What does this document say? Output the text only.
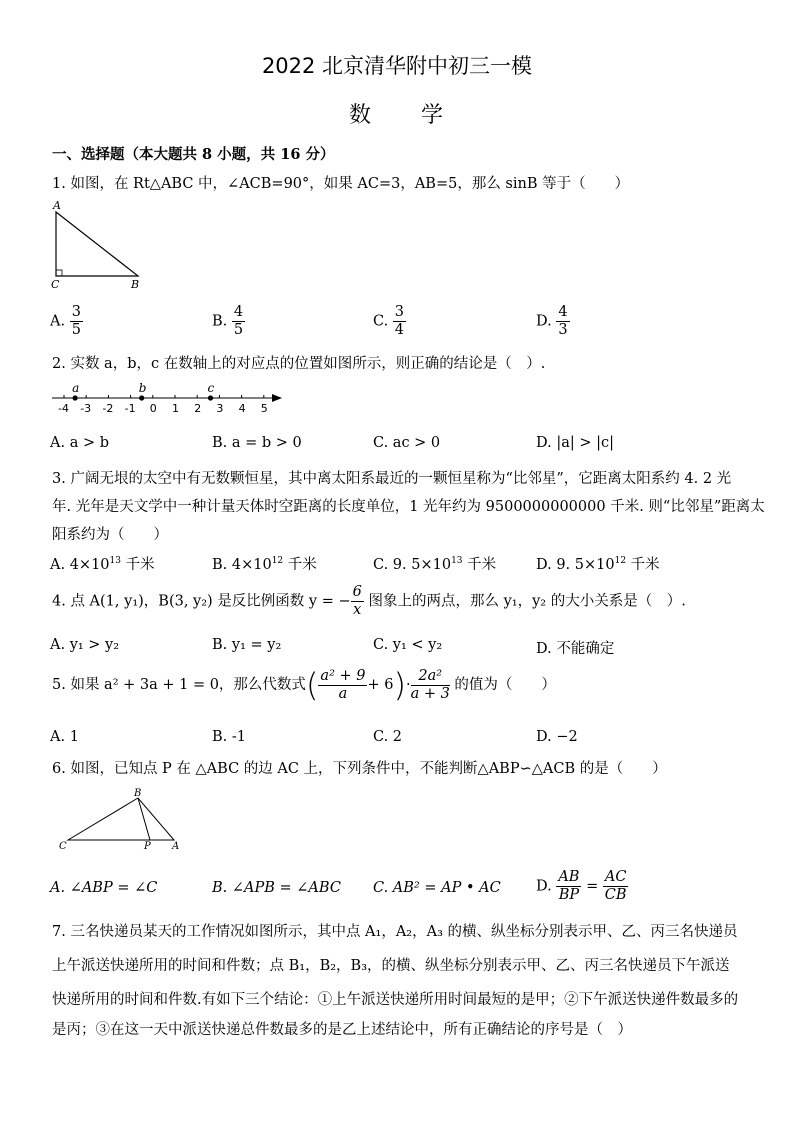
2022 北京清华附中初三一模
数　　学
一、选择题（本大题共 8 小题，共 16 分）
1. 如图，在 Rt△ABC 中，∠ACB=90°，如果 AC=3，AB=5，那么 sinB 等于（　　）
A
C	B
A. $\frac{3}{5}$	B. $\frac{4}{5}$	C. $\frac{3}{4}$	D. $\frac{4}{3}$
2. 实数 a，b，c 在数轴上的对应点的位置如图所示，则正确的结论是（　）.
-4 -3 -2 -1 0 1 2 3 4 5
a	b	c
A. a > b	B. a = b > 0	C. ac > 0	D. |a| > |c|
3. 广阔无垠的太空中有无数颗恒星，其中离太阳系最近的一颗恒星称为“比邻星”，它距离太阳系约 4. 2 光
年. 光年是天文学中一种计量天体时空距离的长度单位，1 光年约为 9500000000000 千米. 则“比邻星”距离太
阳系约为（　　）
A. $4\times 10^{13}$ 千米	B. $4\times 10^{12}$ 千米	C. 9. $5\times 10^{13}$ 千米	D. 9. $5\times 10^{12}$ 千米
4. 点 A(1, y₁)，B(3, y₂) 是反比例函数 y = − $\frac{6}{x}$ 图象上的两点，那么 y₁，y₂ 的大小关系是（　）.
A. y₁ > y₂	B. y₁ = y₂	C. y₁ < y₂	D. 不能确定
5. 如果 a² + 3a + 1 = 0，那么代数式( $\frac{\text{a² + 9}}{a} + 6)\cdot \frac{\text{2a²}}{a + 3}$ 的值为（　　）
A. 1	B. -1	C. 2	D. −2
6. 如图，已知点 P 在 △ABC 的边 AC 上，下列条件中，不能判断△ABP∽△ACB 的是（　　）
B
C	P A
A. ∠ABP = ∠C	B. ∠APB = ∠ABC C. AB² = AP • AC D. $\frac{AB}{BP} = \frac{AC}{CB}$
7. 三名快递员某天的工作情况如图所示，其中点 A₁，A₂，A₃ 的横、纵坐标分别表示甲、乙、丙三名快递员
上午派送快递所用的时间和件数；点 B₁，B₂，B₃，的横、纵坐标分别表示甲、乙、丙三名快递员下午派送
快递所用的时间和件数.有如下三个结论：①上午派送快递所用时间最短的是甲；②下午派送快递件数最多的
是丙；③在这一天中派送快递总件数最多的是乙上述结论中，所有正确结论的序号是（　）
